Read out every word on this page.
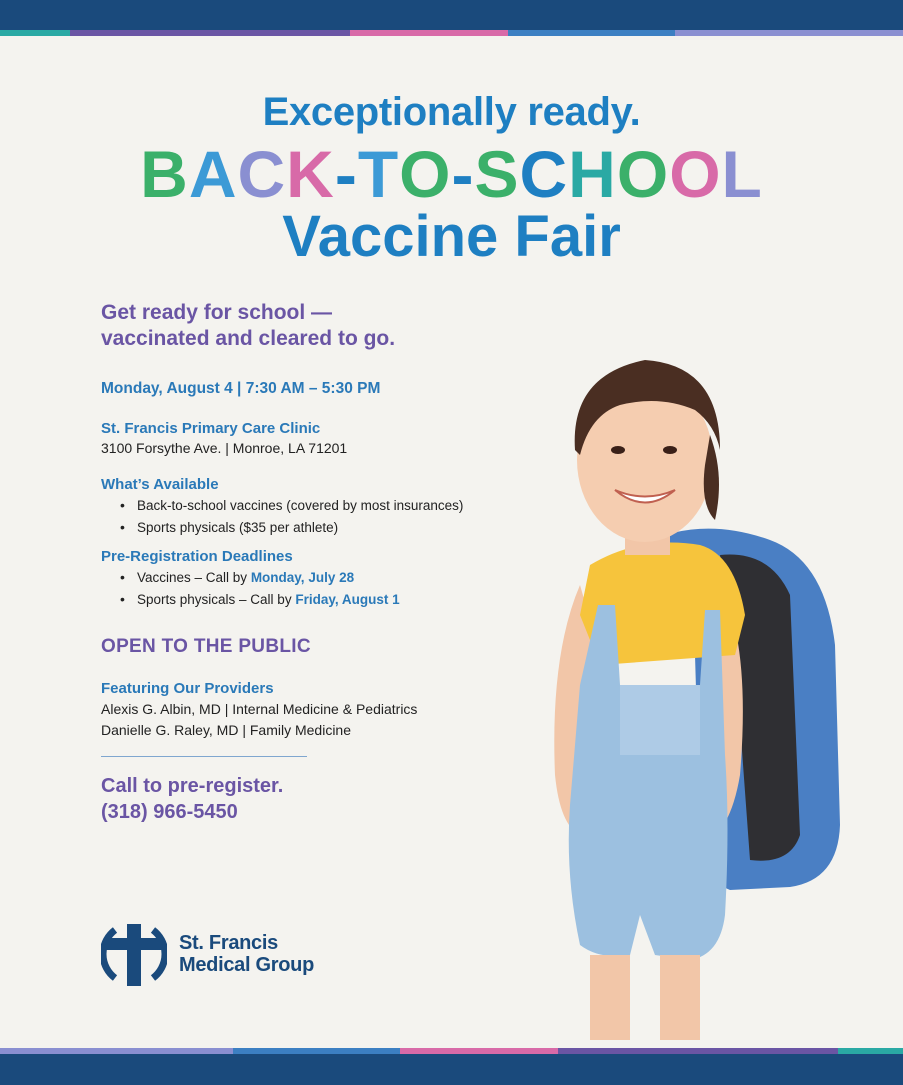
Exceptionally ready.
BACK-TO-SCHOOL
Vaccine Fair
Get ready for school —
vaccinated and cleared to go.
Monday, August 4 | 7:30 AM – 5:30 PM
St. Francis Primary Care Clinic
3100 Forsythe Ave. | Monroe, LA 71201
What’s Available
• Back-to-school vaccines (covered by most insurances)
• Sports physicals ($35 per athlete)
Pre-Registration Deadlines
• Vaccines – Call by Monday, July 28
• Sports physicals – Call by Friday, August 1
OPEN TO THE PUBLIC
Featuring Our Providers
Alexis G. Albin, MD | Internal Medicine & Pediatrics
Danielle G. Raley, MD | Family Medicine
Call to pre-register.
(318) 966-5450
St. Francis
Medical Group
